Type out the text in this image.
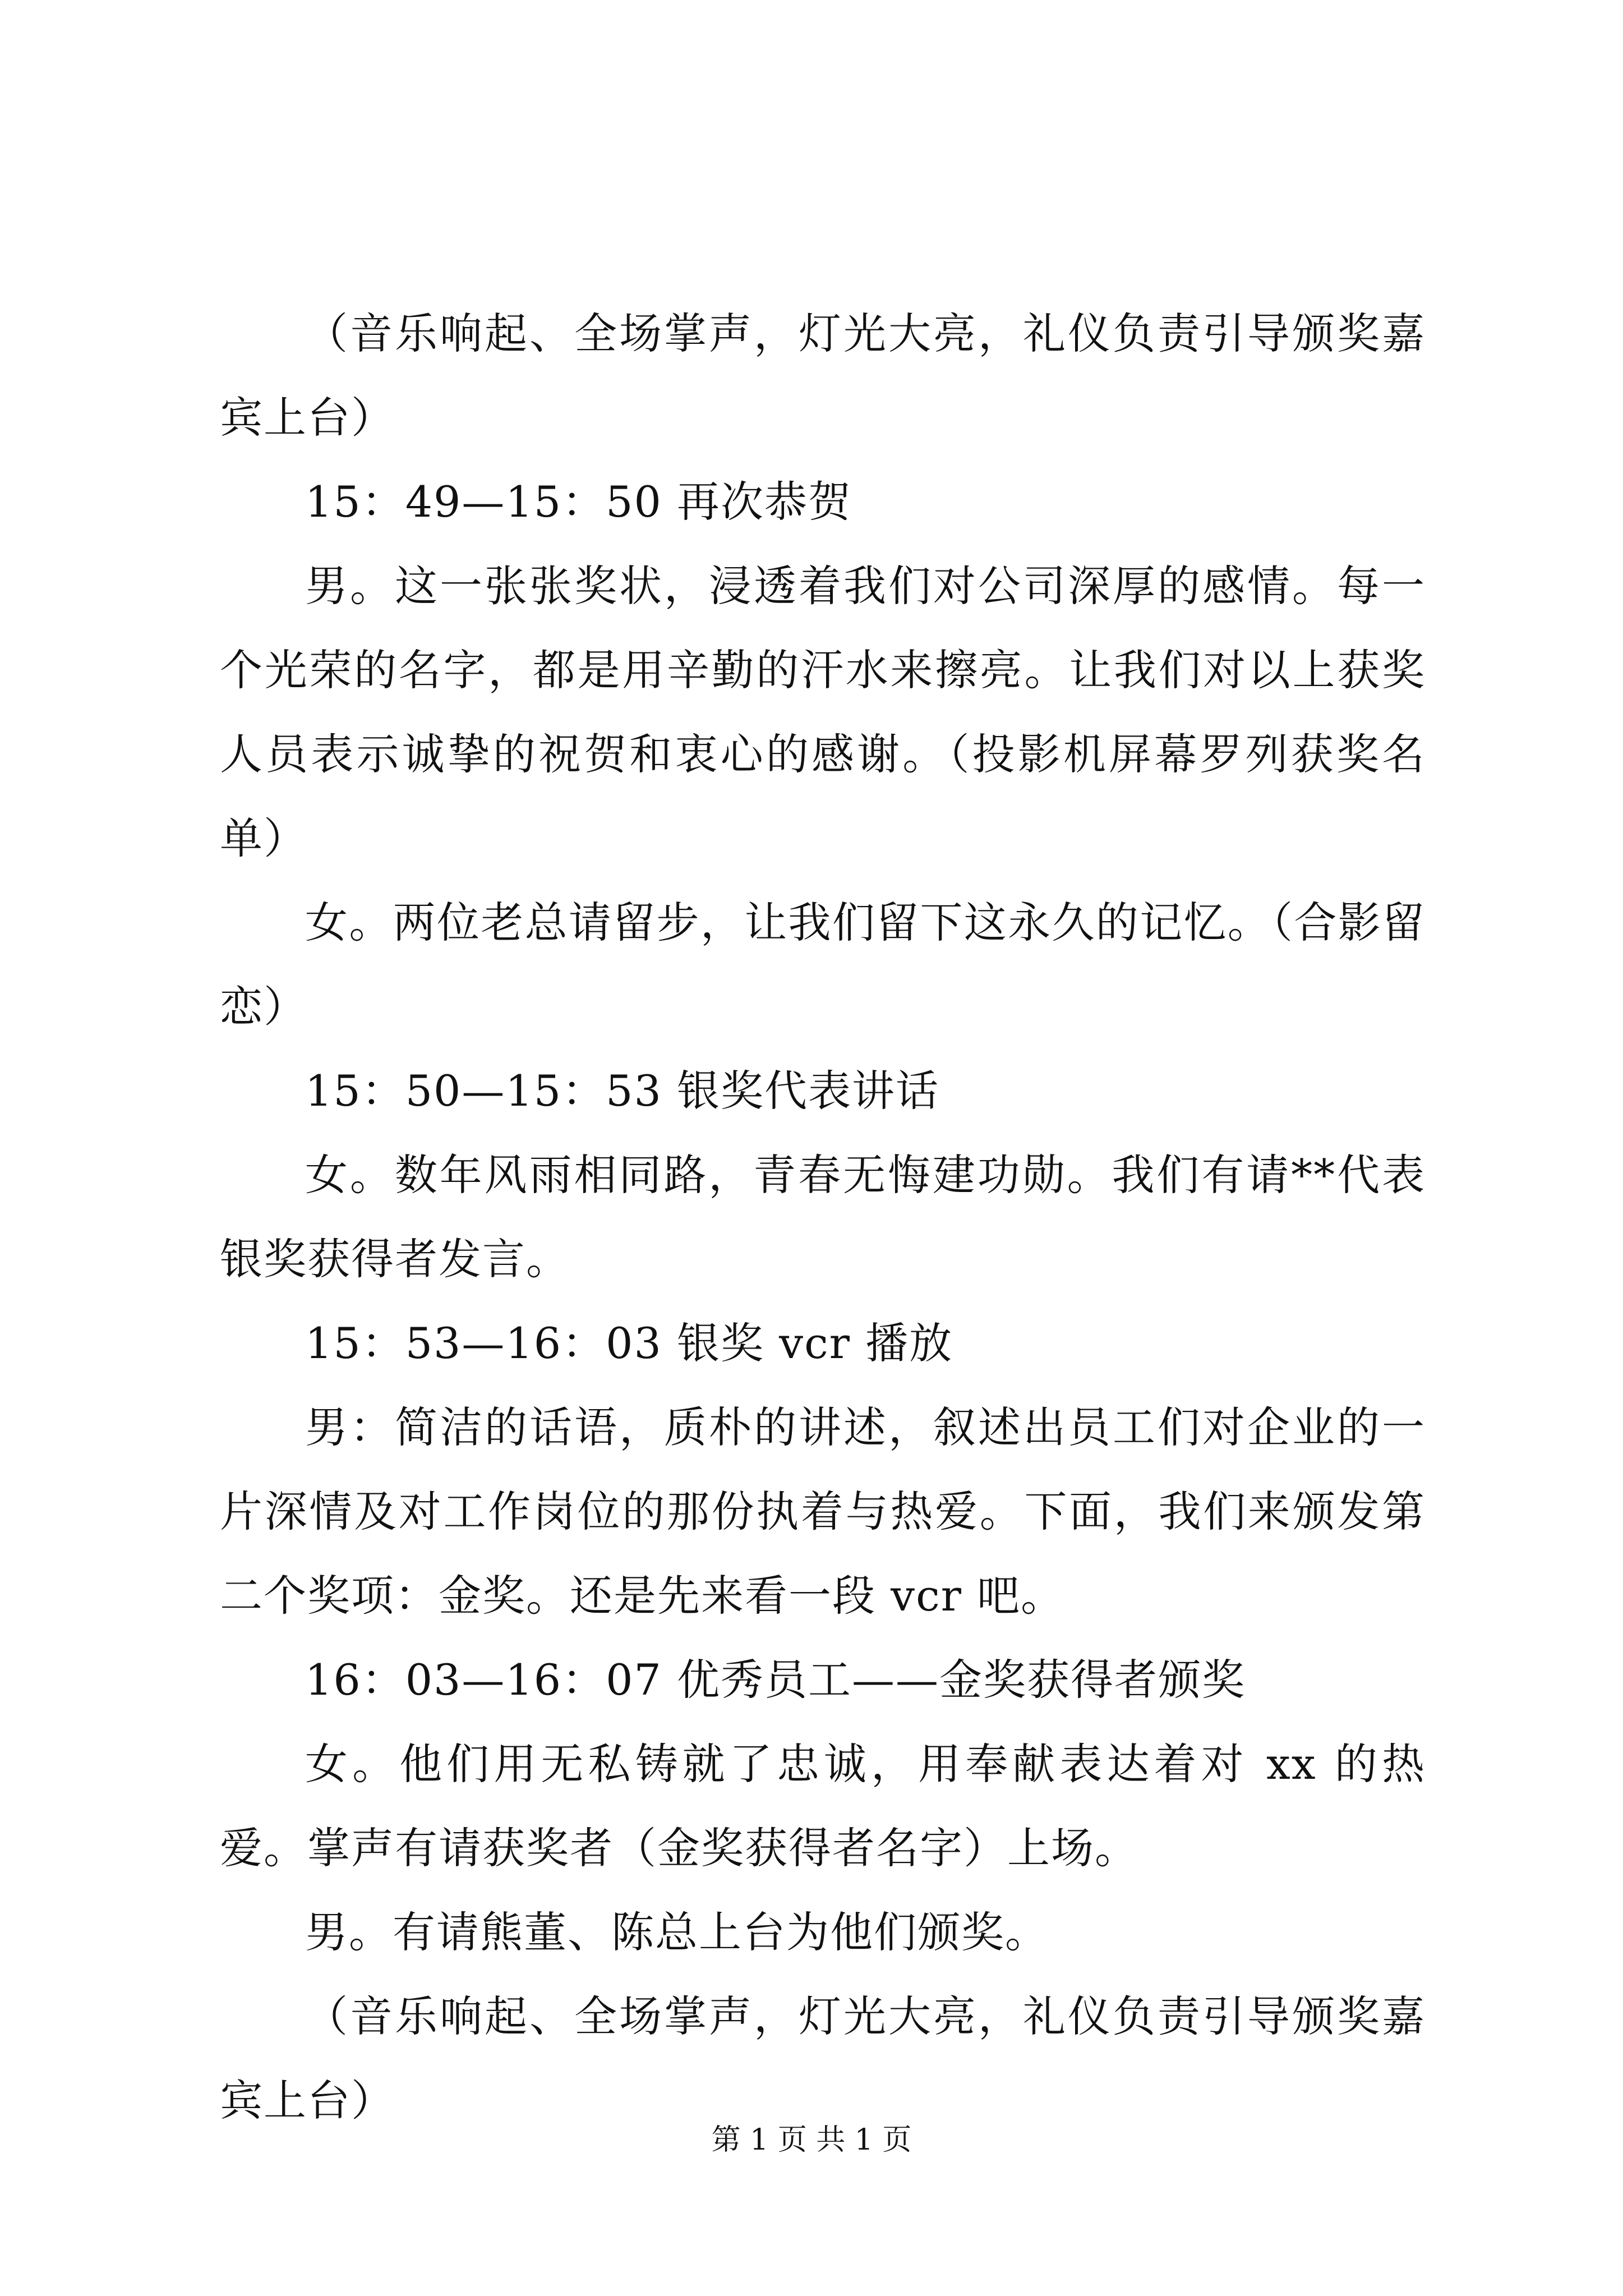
（音乐响起、全场掌声，灯光大亮，礼仪负责引导颁奖嘉宾上台）

15：49—15：50 再次恭贺

男。这一张张奖状，浸透着我们对公司深厚的感情。每一个光荣的名字，都是用辛勤的汗水来擦亮。让我们对以上获奖人员表示诚挚的祝贺和衷心的感谢。（投影机屏幕罗列获奖名单）

女。两位老总请留步，让我们留下这永久的记忆。（合影留恋）

15：50—15：53 银奖代表讲话

女。数年风雨相同路，青春无悔建功勋。我们有请**代表银奖获得者发言。

15：53—16：03 银奖 vcr 播放

男：简洁的话语，质朴的讲述，叙述出员工们对企业的一片深情及对工作岗位的那份执着与热爱。下面，我们来颁发第二个奖项：金奖。还是先来看一段 vcr 吧。

16：03—16：07 优秀员工——金奖获得者颁奖

女。他们用无私铸就了忠诚，用奉献表达着对 xx 的热爱。掌声有请获奖者（金奖获得者名字）上场。

男。有请熊董、陈总上台为他们颁奖。

（音乐响起、全场掌声，灯光大亮，礼仪负责引导颁奖嘉宾上台）

第 1 页 共 1 页
